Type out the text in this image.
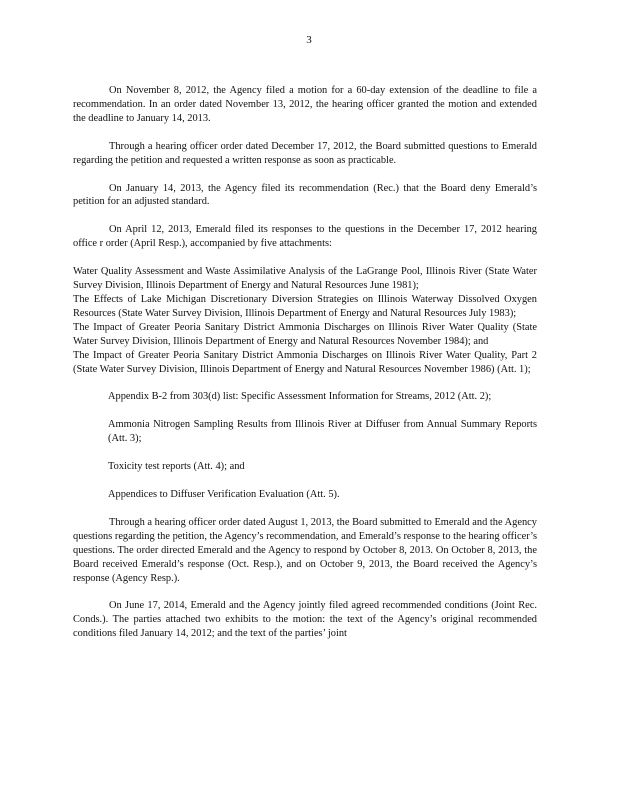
3

On November 8, 2012, the Agency filed a motion for a 60-day extension of the deadline to file a recommendation. In an order dated November 13, 2012, the hearing officer granted the motion and extended the deadline to January 14, 2013.

Through a hearing officer order dated December 17, 2012, the Board submitted questions to Emerald regarding the petition and requested a written response as soon as practicable.

On January 14, 2013, the Agency filed its recommendation (Rec.) that the Board deny Emerald’s petition for an adjusted standard.

On April 12, 2013, Emerald filed its responses to the questions in the December 17, 2012 hearing office r order (April Resp.), accompanied by five attachments:

Water Quality Assessment and Waste Assimilative Analysis of the LaGrange Pool, Illinois River (State Water Survey Division, Illinois Department of Energy and Natural Resources June 1981);
The Effects of Lake Michigan Discretionary Diversion Strategies on Illinois Waterway Dissolved Oxygen Resources (State Water Survey Division, Illinois Department of Energy and Natural Resources July 1983);
The Impact of Greater Peoria Sanitary District Ammonia Discharges on Illinois River Water Quality (State Water Survey Division, Illinois Department of Energy and Natural Resources November 1984); and
The Impact of Greater Peoria Sanitary District Ammonia Discharges on Illinois River Water Quality, Part 2 (State Water Survey Division, Illinois Department of Energy and Natural Resources November 1986) (Att. 1);
Appendix B-2 from 303(d) list: Specific Assessment Information for Streams, 2012 (Att. 2);
Ammonia Nitrogen Sampling Results from Illinois River at Diffuser from Annual Summary Reports (Att. 3);
Toxicity test reports (Att. 4); and
Appendices to Diffuser Verification Evaluation (Att. 5).

Through a hearing officer order dated August 1, 2013, the Board submitted to Emerald and the Agency questions regarding the petition, the Agency’s recommendation, and Emerald’s response to the hearing officer’s questions. The order directed Emerald and the Agency to respond by October 8, 2013. On October 8, 2013, the Board received Emerald’s response (Oct. Resp.), and on October 9, 2013, the Board received the Agency’s response (Agency Resp.).

On June 17, 2014, Emerald and the Agency jointly filed agreed recommended conditions (Joint Rec. Conds.). The parties attached two exhibits to the motion: the text of the Agency’s original recommended conditions filed January 14, 2012; and the text of the parties’ joint
